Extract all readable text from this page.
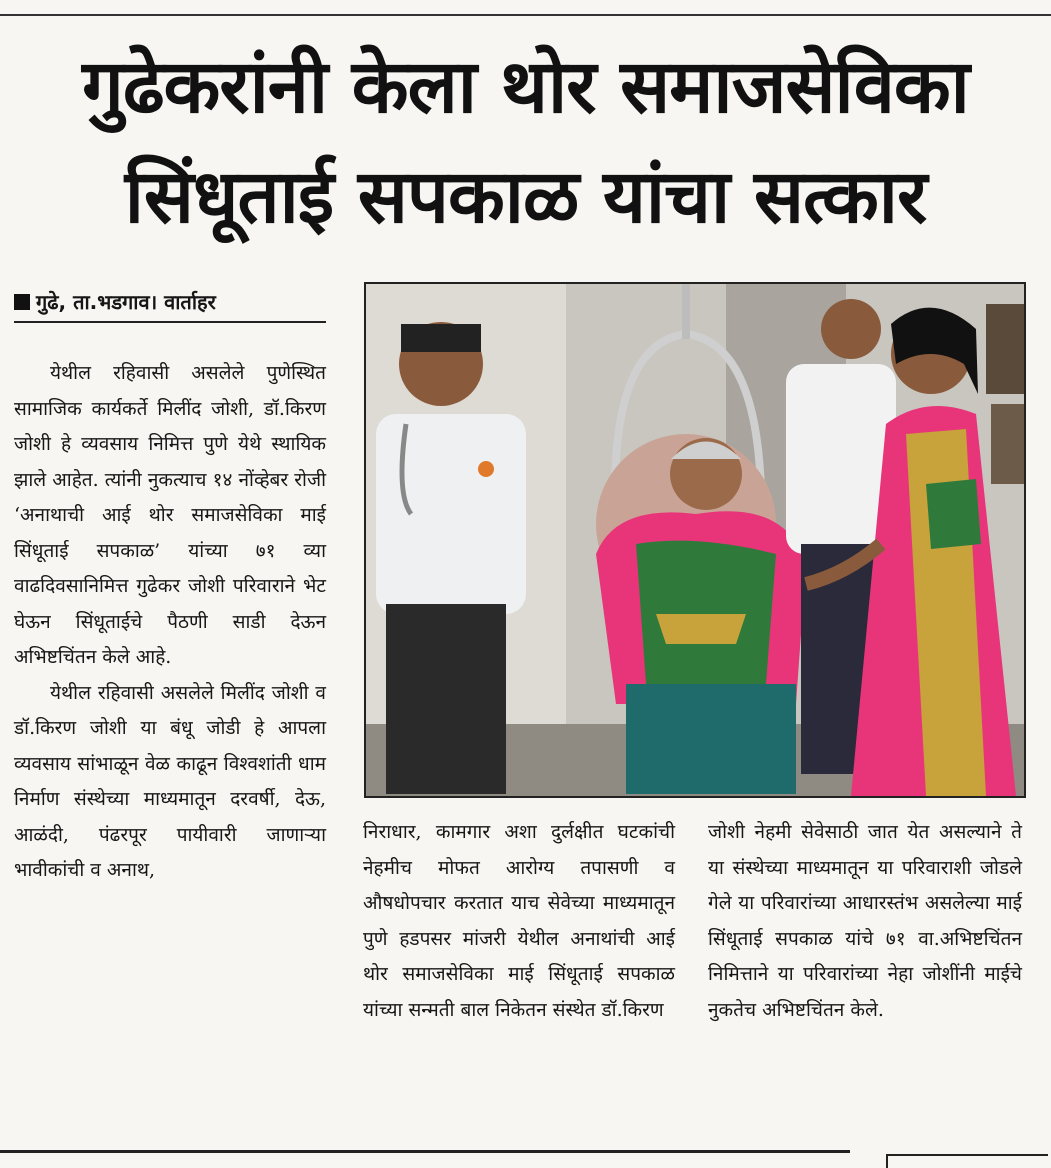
गुढेकरांनी केला थोर समाजसेविका
सिंधूताई सपकाळ यांचा सत्कार
गुढे, ता.भडगाव। वार्ताहर

येथील रहिवासी असलेले पुणेस्थित सामाजिक कार्यकर्ते मिलींद जोशी, डॉ.किरण जोशी हे व्यवसाय निमित्त पुणे येथे स्थायिक झाले आहेत. त्यांनी नुकत्याच १४ नोंव्हेबर रोजी ‘अनाथाची आई थोर समाजसेविका माई सिंधूताई सपकाळ’ यांच्या ७१ व्या वाढदिवसानिमित्त गुढेकर जोशी परिवाराने भेट घेऊन सिंधूताईचे पैठणी साडी देऊन अभिष्टचिंतन केले आहे.

येथील रहिवासी असलेले मिलींद जोशी व डॉ.किरण जोशी या बंधू जोडी हे आपला व्यवसाय सांभाळून वेळ काढून विश्वशांती धाम निर्माण संस्थेच्या माध्यमातून दरवर्षी, देऊ, आळंदी, पंढरपूर पायीवारी जाणाऱ्या भावीकांची व अनाथ,

निराधार, कामगार अशा दुर्लक्षीत घटकांची नेहमीच मोफत आरोग्य तपासणी व औषधोपचार करतात याच सेवेच्या माध्यमातून पुणे हडपसर मांजरी येथील अनाथांची आई थोर समाजसेविका माई सिंधूताई सपकाळ यांच्या सन्मती बाल निकेतन संस्थेत डॉ.किरण
जोशी नेहमी सेवेसाठी जात येत असल्याने ते या संस्थेच्या माध्यमातून या परिवाराशी जोडले गेले या परिवारांच्या आधारस्तंभ असलेल्या माई सिंधूताई सपकाळ यांचे ७१ वा.अभिष्टचिंतन निमित्ताने या परिवारांच्या नेहा जोशींनी माईचे नुकतेच अभिष्टचिंतन केले.
